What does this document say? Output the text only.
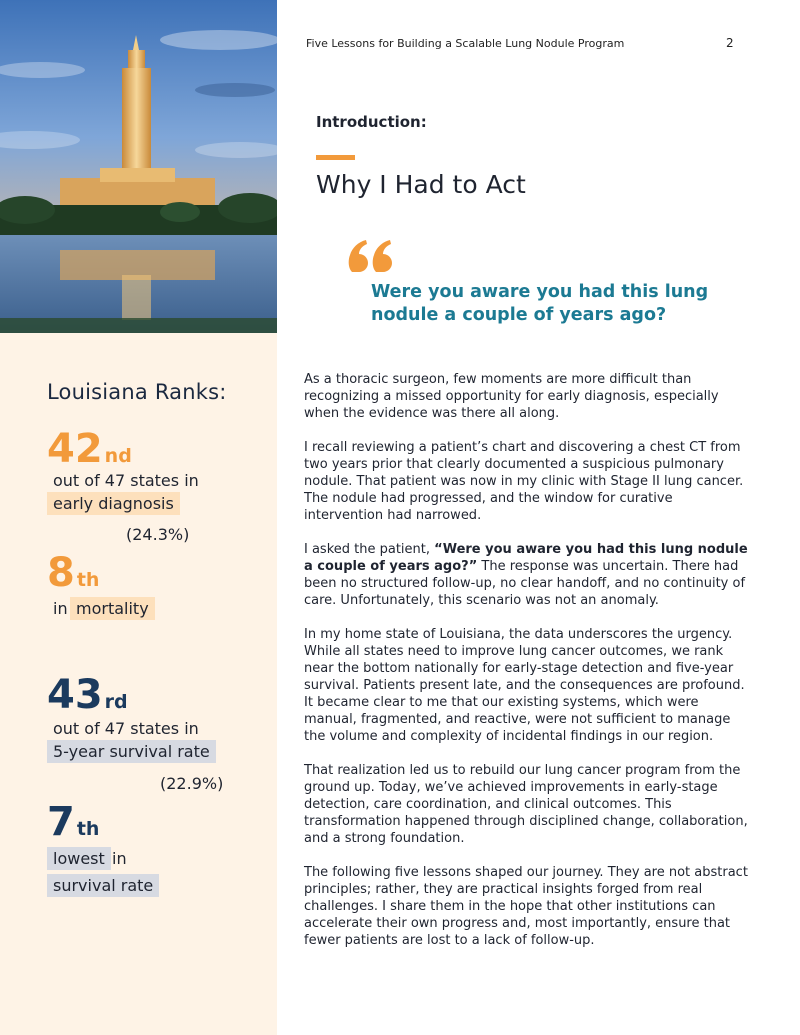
Louisiana Ranks:
42 nd
out of 47 states in
early diagnosis
(24.3%)
8 th
in mortality
43 rd
out of 47 states in
5-year survival rate
(22.9%)
7 th
lowest in
survival rate
Five Lessons for Building a Scalable Lung Nodule Program	2
Introduction:
Why I Had to Act
Were you aware you had this lung nodule a couple of years ago?

As a thoracic surgeon, few moments are more difficult than recognizing a missed opportunity for early diagnosis, especially when the evidence was there all along.

I recall reviewing a patient’s chart and discovering a chest CT from two years prior that clearly documented a suspicious pulmonary nodule. That patient was now in my clinic with Stage II lung cancer. The nodule had progressed, and the window for curative intervention had narrowed.

I asked the patient, “Were you aware you had this lung nodule a couple of years ago?” The response was uncertain. There had been no structured follow-up, no clear handoff, and no continuity of care. Unfortunately, this scenario was not an anomaly.

In my home state of Louisiana, the data underscores the urgency. While all states need to improve lung cancer outcomes, we rank near the bottom nationally for early-stage detection and five-year survival. Patients present late, and the consequences are profound. It became clear to me that our existing systems, which were manual, fragmented, and reactive, were not sufficient to manage the volume and complexity of incidental findings in our region.

That realization led us to rebuild our lung cancer program from the ground up. Today, we’ve achieved improvements in early-stage detection, care coordination, and clinical outcomes. This transformation happened through disciplined change, collaboration, and a strong foundation.

The following five lessons shaped our journey. They are not abstract principles; rather, they are practical insights forged from real challenges. I share them in the hope that other institutions can accelerate their own progress and, most importantly, ensure that fewer patients are lost to a lack of follow-up.
